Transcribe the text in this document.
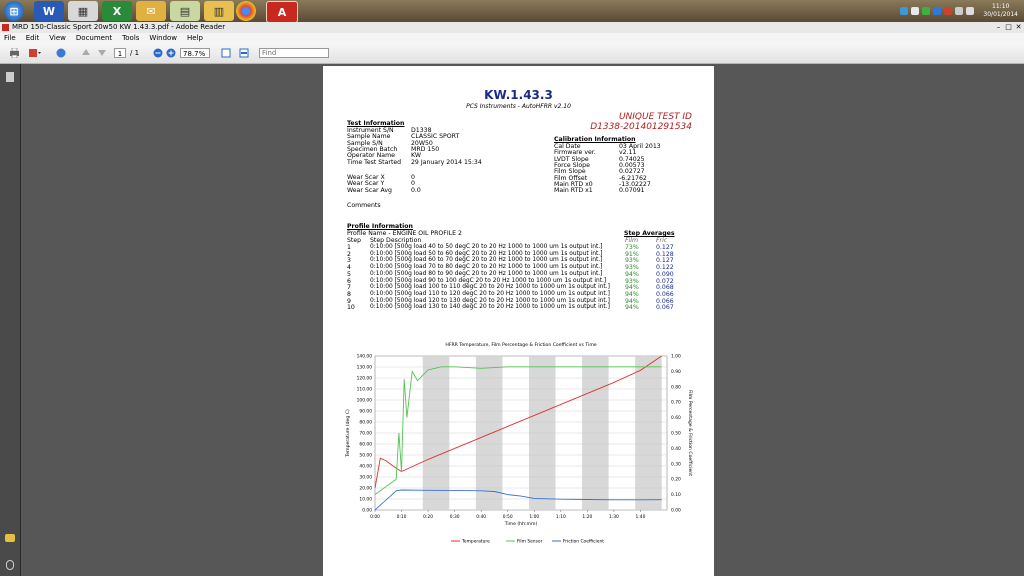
⊞	W	▦	X	✉	▤	▥	A	11:10
30/01/2014
MRD 150-Classic Sport 20w50 KW 1.43.3.pdf - Adobe Reader	– □ ✕
File Edit View Document Tools Window Help
1	/ 1	78.7%
Find
KW.1.43.3
PCS Instruments - AutoHFRR v2.10
UNIQUE TEST ID
D1338-201401291534
Test Information
Instrument S/N	D1338
Sample Name	CLASSIC SPORT
Sample S/N	20W50
Specimen Batch MRD 150
Operator Name	KW
Time Test Started 29 January 2014 15:34
Wear Scar X	0
Wear Scar Y	0
Wear Scar Avg	0.0
Calibration Information
Cal Date	03 April 2013
Firmware ver.	v2.11
LVDT Slope	0.74025
Force Slope	0.00573
Film Slope	0.02727
Film Offset	-6.21762
Main RTD x0	-13.02227
Main RTD x1	0.07091
Comments
Profile Information
Profile Name - ENGINE OIL PROFILE 2
Step Step Description
Step Averages
Film	Fric
1	0:10:00 [500g load 40 to 50 degC 20 to 20 Hz 1000 to 1000 um 1s output int.]	73%	0.127
2	0:10:00 [500g load 50 to 60 degC 20 to 20 Hz 1000 to 1000 um 1s output int.]	91%	0.128
3	0:10:00 [500g load 60 to 70 degC 20 to 20 Hz 1000 to 1000 um 1s output int.]	93%	0.127
4	0:10:00 [500g load 70 to 80 degC 20 to 20 Hz 1000 to 1000 um 1s output int.]	93%	0.122
5	0:10:00 [500g load 80 to 90 degC 20 to 20 Hz 1000 to 1000 um 1s output int.]	94%	0.090
6	0:10:00 [500g load 90 to 100 degC 20 to 20 Hz 1000 to 1000 um 1s output int.]	93%	0.072
7	0:10:00 [500g load 100 to 110 degC 20 to 20 Hz 1000 to 1000 um 1s output int.] 94%	0.068
8	0:10:00 [500g load 110 to 120 degC 20 to 20 Hz 1000 to 1000 um 1s output int.] 94%	0.066
9	0:10:00 [500g load 120 to 130 degC 20 to 20 Hz 1000 to 1000 um 1s output int.] 94%	0.066
10	0:10:00 [500g load 130 to 140 degC 20 to 20 Hz 1000 to 1000 um 1s output int.] 94%	0.067
HFRR Temperature, Film Percentage & Friction Coefficient vs Time
0.00
10.00
20.00
30.00
40.00
50.00
60.00
70.00
80.00
90.00
100.00
110.00
120.00
130.00
140.00
0.00
0.10
0.20
0.30
0.40
0.50
0.60
0.70
0.80
0.90
1.00
0:00	0:10	0:20	0:30	0:40	0:50	1:00	1:10	1:20	1:30	1:40
Time (hh:mm)
Temperature (deg C)	Film Percentage & Friction Coefficient
Temperature	Film Sensor	Friction Coefficient
